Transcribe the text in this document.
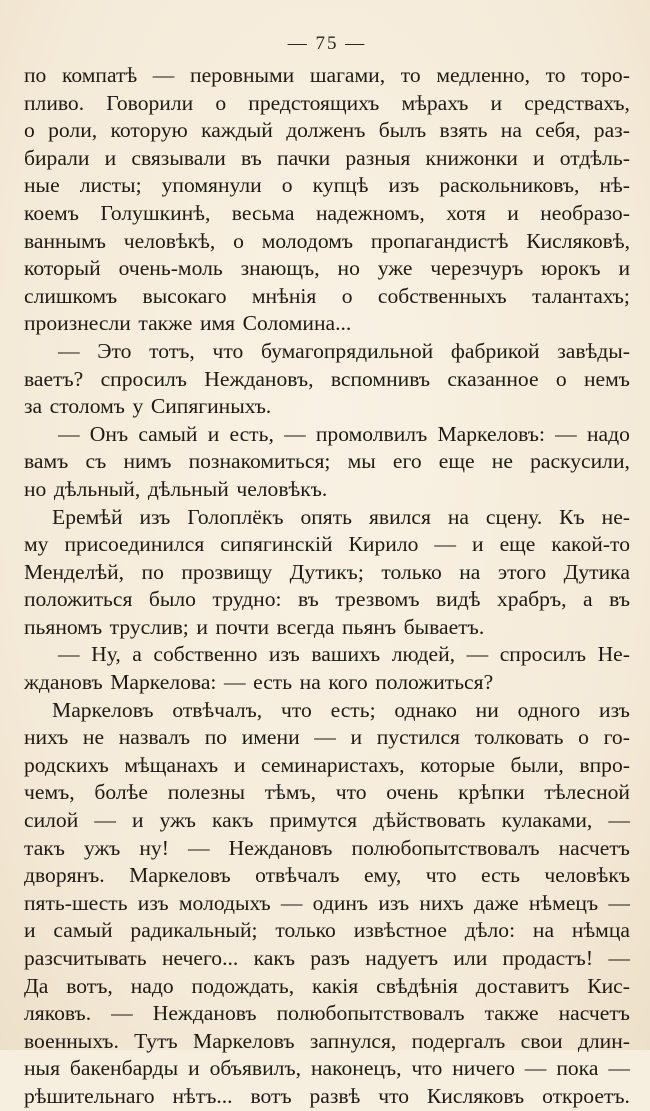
— 75 —
по компатѣ — перовными шагами, то медленно, то торо-
пливо. Говорили о предстоящихъ мѣрахъ и средствахъ,
о роли, которую каждый долженъ былъ взять на себя, раз-
бирали и связывали въ пачки разныя книжонки и отдѣль-
ные листы; упомянули о купцѣ изъ раскольниковъ, нѣ-
коемъ Голушкинѣ, весьма надежномъ, хотя и необразо-
ваннымъ человѣкѣ, о молодомъ пропагандистѣ Кисляковѣ,
который очень-моль знающъ, но уже черезчуръ юрокъ и
слишкомъ высокаго мнѣнія о собственныхъ талантахъ;
произнесли также имя Соломина...
— Это тотъ, что бумагопрядильной фабрикой завѣды-
ваетъ? спросилъ Неждановъ, вспомнивъ сказанное о немъ
за столомъ у Сипягиныхъ.
— Онъ самый и есть, — промолвилъ Маркеловъ: — надо
вамъ съ нимъ познакомиться; мы его еще не раскусили,
но дѣльный, дѣльный человѣкъ.
Еремѣй изъ Голоплёкъ опять явился на сцену. Къ не-
му присоединился сипягинскій Кирило — и еще какой-то
Менделѣй, по прозвищу Дутикъ; только на этого Дутика
положиться было трудно: въ трезвомъ видѣ храбръ, а въ
пьяномъ труслив; и почти всегда пьянъ бываетъ.
— Ну, а собственно изъ вашихъ людей, — спросилъ Не-
ждановъ Маркелова: — есть на кого положиться?
Маркеловъ отвѣчалъ, что есть; однако ни одного изъ
нихъ не назвалъ по имени — и пустился толковать о го-
родскихъ мѣщанахъ и семинаристахъ, которые были, впро-
чемъ, болѣе полезны тѣмъ, что очень крѣпки тѣлесной
силой — и ужъ какъ примутся дѣйствовать кулаками, —
такъ ужъ ну! — Неждановъ полюбопытствовалъ насчетъ
дворянъ. Маркеловъ отвѣчалъ ему, что есть человѣкъ
пять-шесть изъ молодыхъ — одинъ изъ нихъ даже нѣмецъ —
и самый радикальный; только извѣстное дѣло: на нѣмца
разсчитывать нечего... какъ разъ надуетъ или продастъ! —
Да вотъ, надо подождать, какія свѣдѣнія доставитъ Кис-
ляковъ. — Неждановъ полюбопытствовалъ также насчетъ
военныхъ. Тутъ Маркеловъ запнулся, подергалъ свои длин-
ныя бакенбарды и объявилъ, наконецъ, что ничего — пока —
рѣшительнаго нѣтъ... вотъ развѣ что Кисляковъ откроетъ.
